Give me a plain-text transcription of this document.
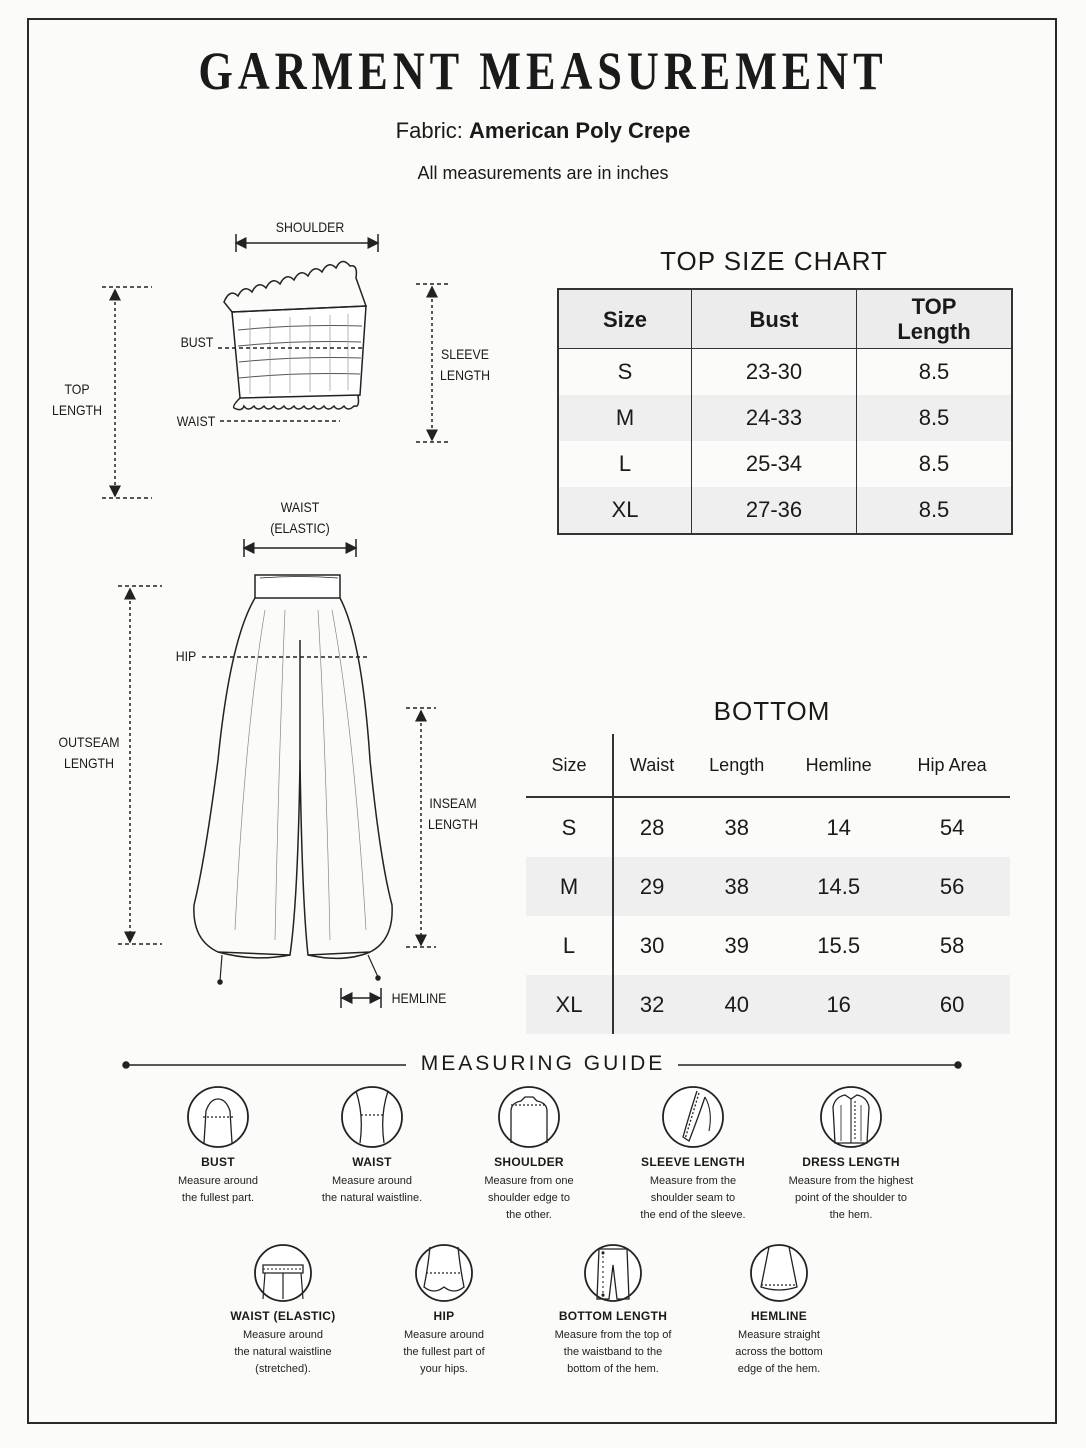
GARMENT MEASUREMENT
Fabric: American Poly Crepe
All measurements are in inches
SHOULDER
BUST
WAIST
TOP
LENGTH
SLEEVE
LENGTH
WAIST
(ELASTIC)
HIP
OUTSEAM
LENGTH
INSEAM
LENGTH
HEMLINE
TOP SIZE CHART
Size	Bust	TOP
Length

S	23-30	8.5
M	24-33	8.5
L	25-34	8.5
XL	27-36	8.5
BOTTOM
Size	Waist	Length	Hemline	Hip Area
S	28	38	14	54
M	29	38	14.5	56
L	30	39	15.5	58
XL	32	40	16	60
MEASURING GUIDE
BUST
Measure around
the fullest part.
WAIST
Measure around
the natural waistline.
SHOULDER
Measure from one
shoulder edge to
the other.
SLEEVE LENGTH
Measure from the
shoulder seam to
the end of the sleeve.
DRESS LENGTH
Measure from the highest
point of the shoulder to
the hem.
WAIST (ELASTIC)
Measure around
the natural waistline
(stretched).
HIP
Measure around
the fullest part of
your hips.
BOTTOM LENGTH
Measure from the top of
the waistband to the
bottom of the hem.
HEMLINE
Measure straight
across the bottom
edge of the hem.
